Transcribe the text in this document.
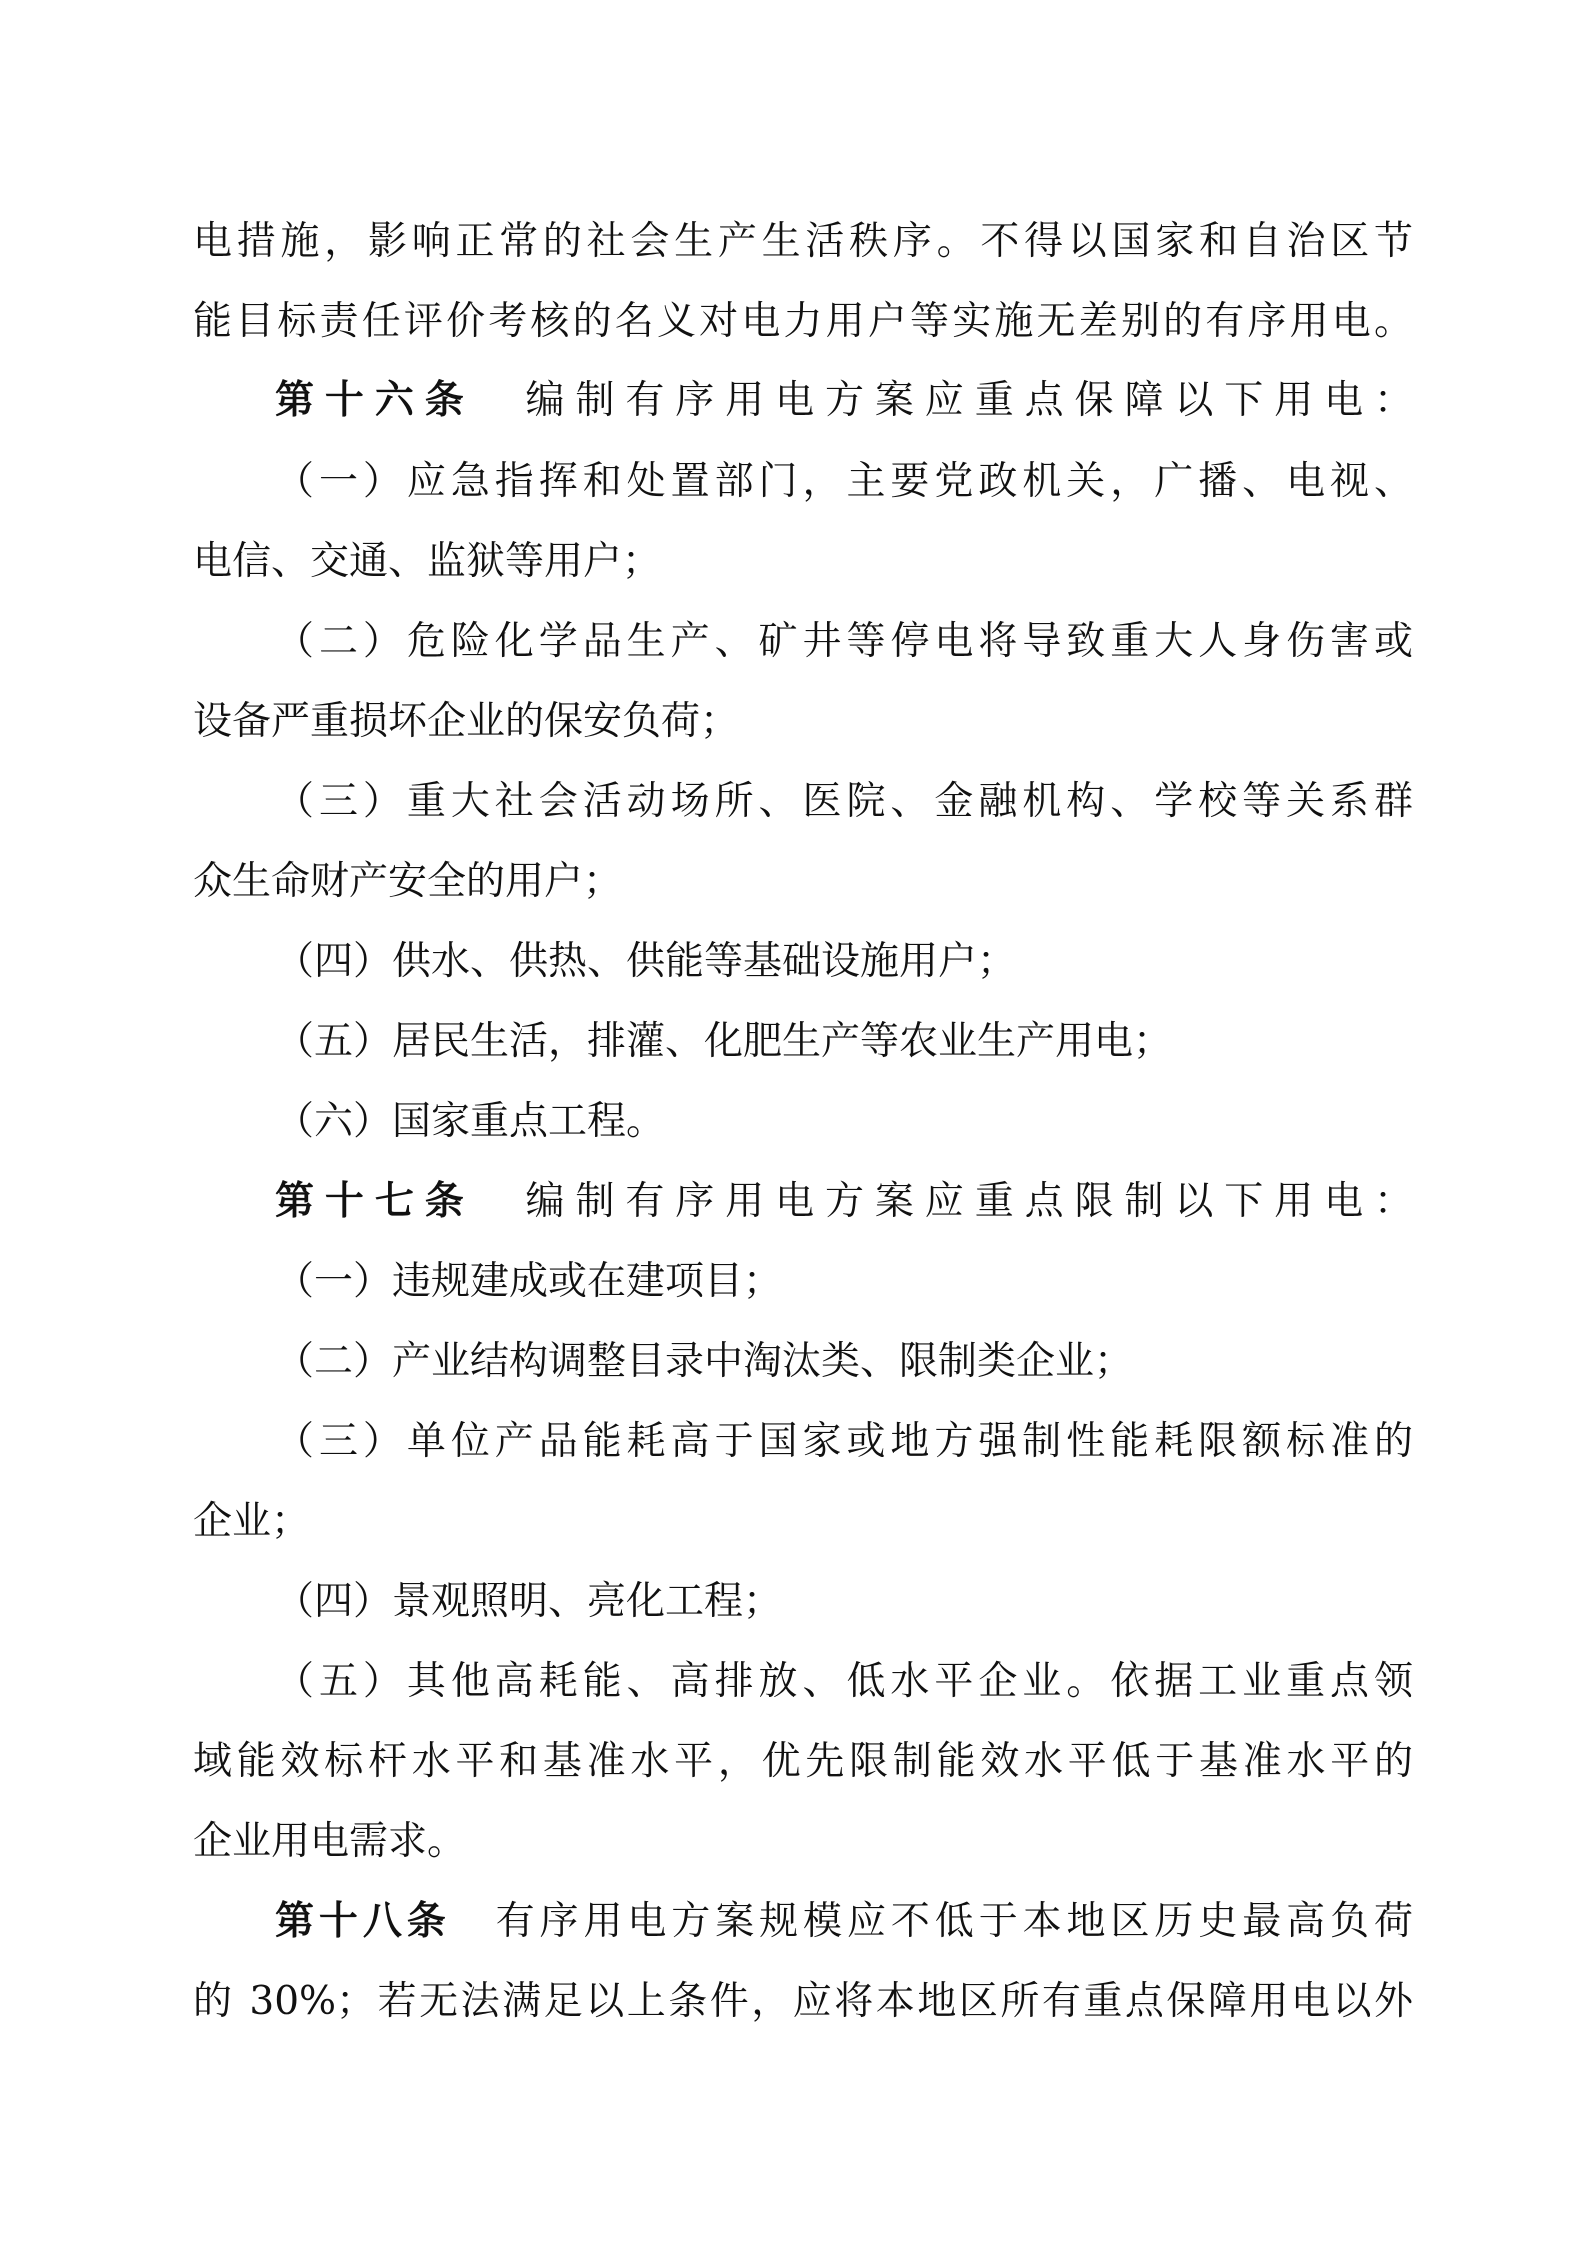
电措施，影响正常的社会生产生活秩序。不得以国家和自治区节
能目标责任评价考核的名义对电力用户等实施无差别的有序用电。
第十六条 编制有序用电方案应重点保障以下用电：
（一）应急指挥和处置部门，主要党政机关，广播、电视、
电信、交通、监狱等用户；
（二）危险化学品生产、矿井等停电将导致重大人身伤害或
设备严重损坏企业的保安负荷；
（三）重大社会活动场所、医院、金融机构、学校等关系群
众生命财产安全的用户；
（四）供水、供热、供能等基础设施用户；
（五）居民生活，排灌、化肥生产等农业生产用电；
（六）国家重点工程。
第十七条 编制有序用电方案应重点限制以下用电：
（一）违规建成或在建项目；
（二）产业结构调整目录中淘汰类、限制类企业；
（三）单位产品能耗高于国家或地方强制性能耗限额标准的
企业；
（四）景观照明、亮化工程；
（五）其他高耗能、高排放、低水平企业。依据工业重点领
域能效标杆水平和基准水平，优先限制能效水平低于基准水平的
企业用电需求。
第十八条 有序用电方案规模应不低于本地区历史最高负荷
的 30%；若无法满足以上条件，应将本地区所有重点保障用电以外
